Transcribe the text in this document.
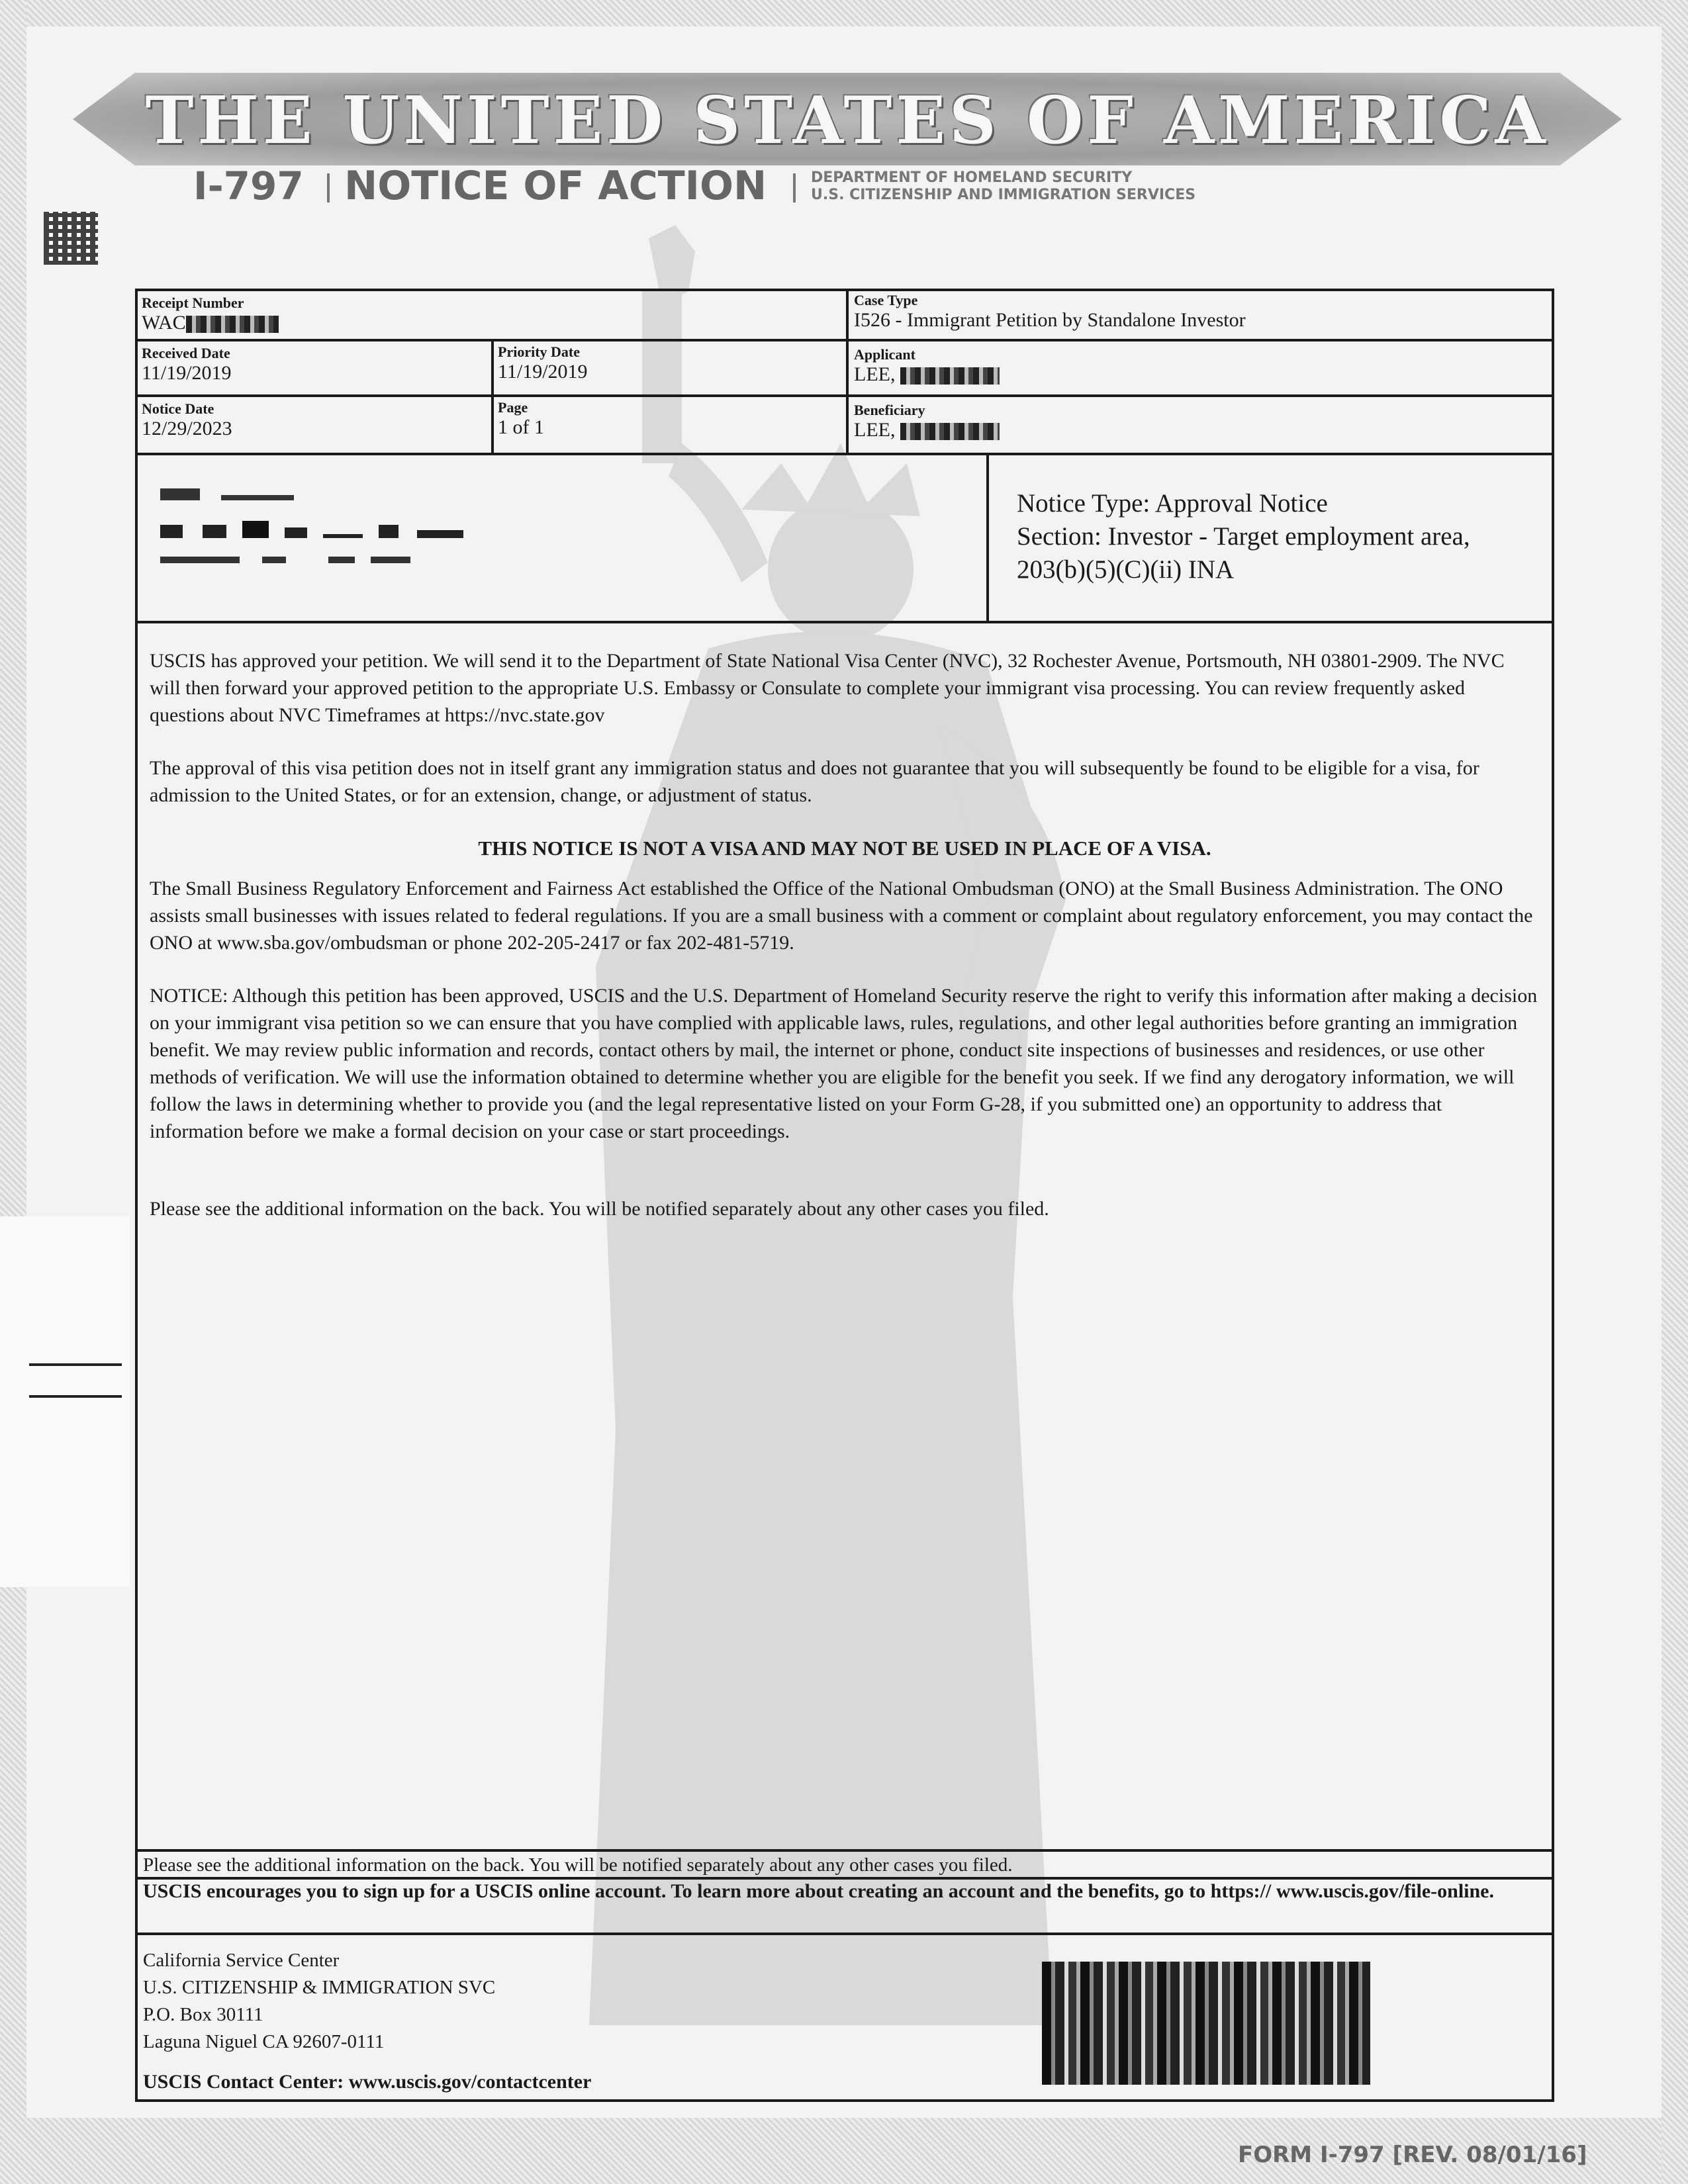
THE UNITED STATES OF AMERICA
I-797 NOTICE OF ACTION	DEPARTMENT OF HOMELAND SECURITY
U.S. CITIZENSHIP AND IMMIGRATION SERVICES
Receipt Number
WAC
Case Type
I526 - Immigrant Petition by Standalone Investor
Received Date
11/19/2019
Priority Date
11/19/2019
Applicant
LEE,
Notice Date
12/29/2023
Page
1 of 1
Beneficiary
LEE,

Notice Type: Approval Notice
Section: Investor - Target employment area,
203(b)(5)(C)(ii) INA

USCIS has approved your petition. We will send it to the Department of State National Visa Center (NVC), 32 Rochester Avenue, Portsmouth, NH 03801-2909. The NVC will then forward your approved petition to the appropriate U.S. Embassy or Consulate to complete your immigrant visa processing. You can review frequently asked questions about NVC Timeframes at https://nvc.state.gov

The approval of this visa petition does not in itself grant any immigration status and does not guarantee that you will subsequently be found to be eligible for a visa, for admission to the United States, or for an extension, change, or adjustment of status.

THIS NOTICE IS NOT A VISA AND MAY NOT BE USED IN PLACE OF A VISA.

The Small Business Regulatory Enforcement and Fairness Act established the Office of the National Ombudsman (ONO) at the Small Business Administration. The ONO assists small businesses with issues related to federal regulations. If you are a small business with a comment or complaint about regulatory enforcement, you may contact the ONO at www.sba.gov/ombudsman or phone 202-205-2417 or fax 202-481-5719.

NOTICE: Although this petition has been approved, USCIS and the U.S. Department of Homeland Security reserve the right to verify this information after making a decision on your immigrant visa petition so we can ensure that you have complied with applicable laws, rules, regulations, and other legal authorities before granting an immigration benefit. We may review public information and records, contact others by mail, the internet or phone, conduct site inspections of businesses and residences, or use other methods of verification. We will use the information obtained to determine whether you are eligible for the benefit you seek. If we find any derogatory information, we will follow the laws in determining whether to provide you (and the legal representative listed on your Form G-28, if you submitted one) an opportunity to address that information before we make a formal decision on your case or start proceedings.

Please see the additional information on the back. You will be notified separately about any other cases you filed.

Please see the additional information on the back. You will be notified separately about any other cases you filed.
USCIS encourages you to sign up for a USCIS online account. To learn more about creating an account and the benefits, go to https:// www.uscis.gov/file-online.
California Service Center
U.S. CITIZENSHIP & IMMIGRATION SVC
P.O. Box 30111
Laguna Niguel CA 92607-0111
USCIS Contact Center: www.uscis.gov/contactcenter
FORM I-797 [REV. 08/01/16]
